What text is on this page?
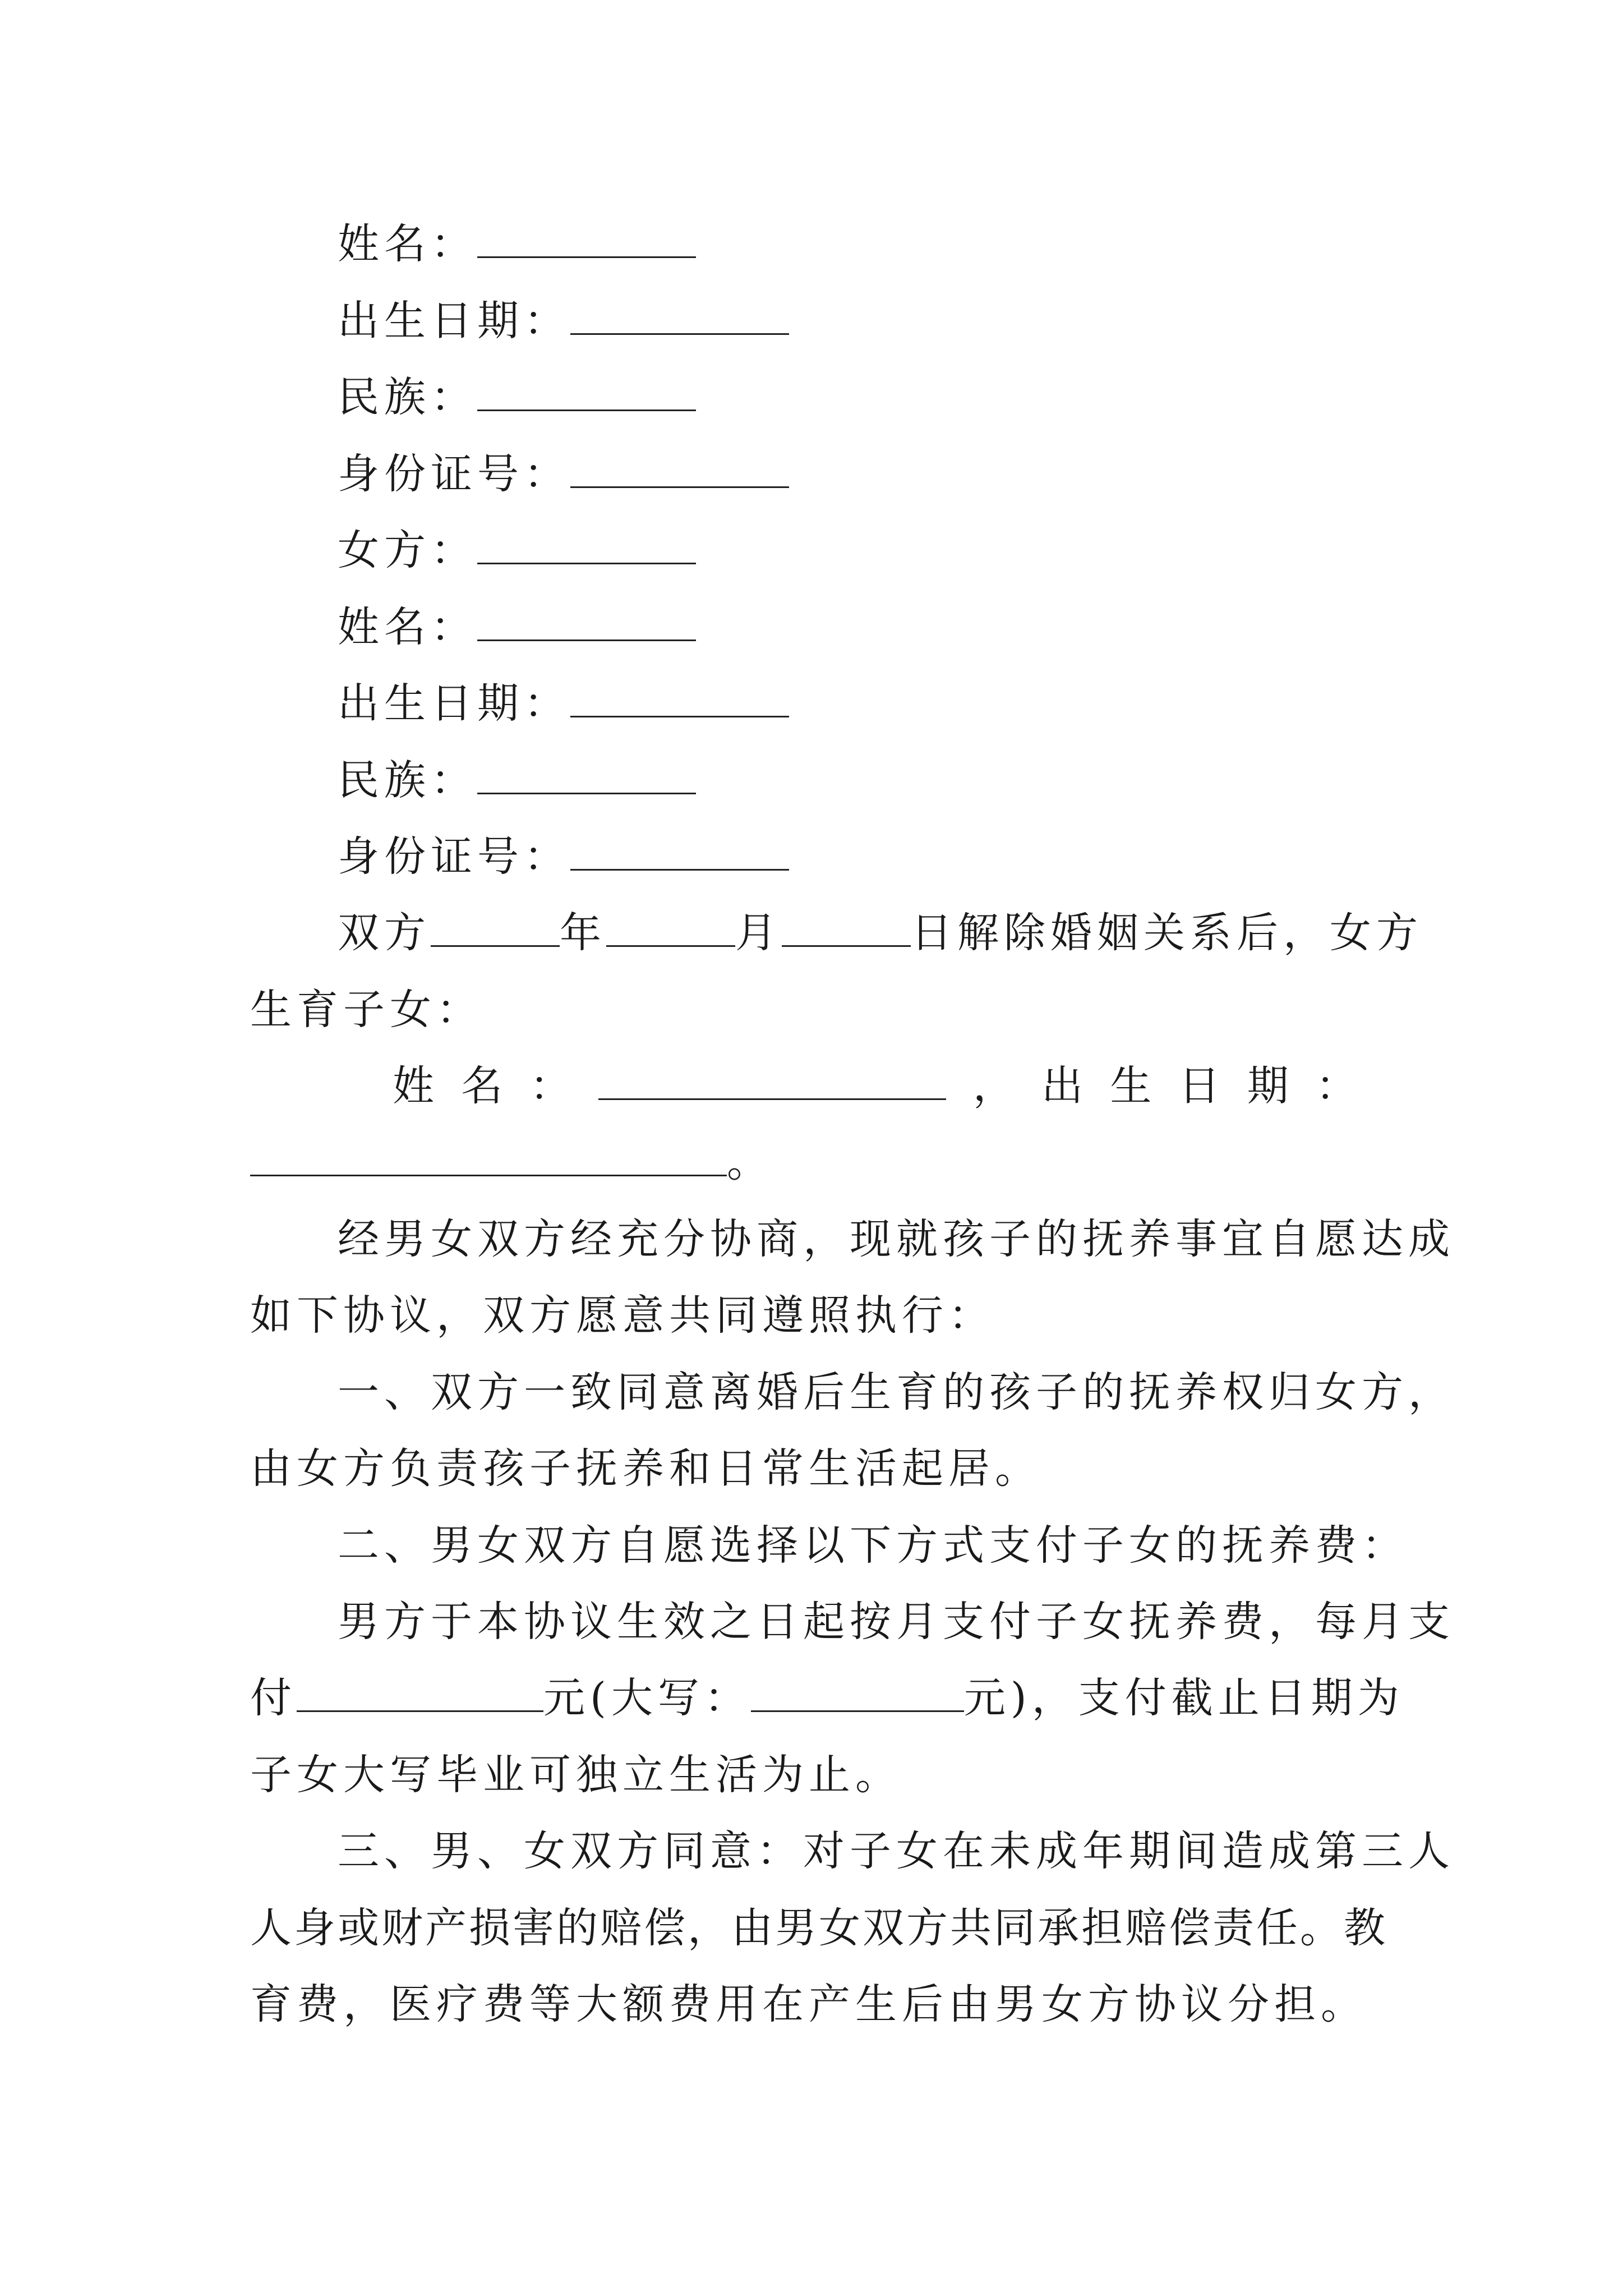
姓名：
出生日期：
民族：
身份证号：
女方：
姓名：
出生日期：
民族：
身份证号：
双方	年	月	日解除婚姻关系后，女方
生育子女：
姓 名 ：	， 出 生 日 期 ：
。
经男女双方经充分协商，现就孩子的抚养事宜自愿达成
如下协议，双方愿意共同遵照执行：
一、双方一致同意离婚后生育的孩子的抚养权归女方，
由女方负责孩子抚养和日常生活起居。
二、男女双方自愿选择以下方式支付子女的抚养费：
男方于本协议生效之日起按月支付子女抚养费，每月支
付	元(大写：	元)，支付截止日期为
子女大写毕业可独立生活为止。
三、男、女双方同意：对子女在未成年期间造成第三人
人身或财产损害的赔偿，由男女双方共同承担赔偿责任。教
育费，医疗费等大额费用在产生后由男女方协议分担。
